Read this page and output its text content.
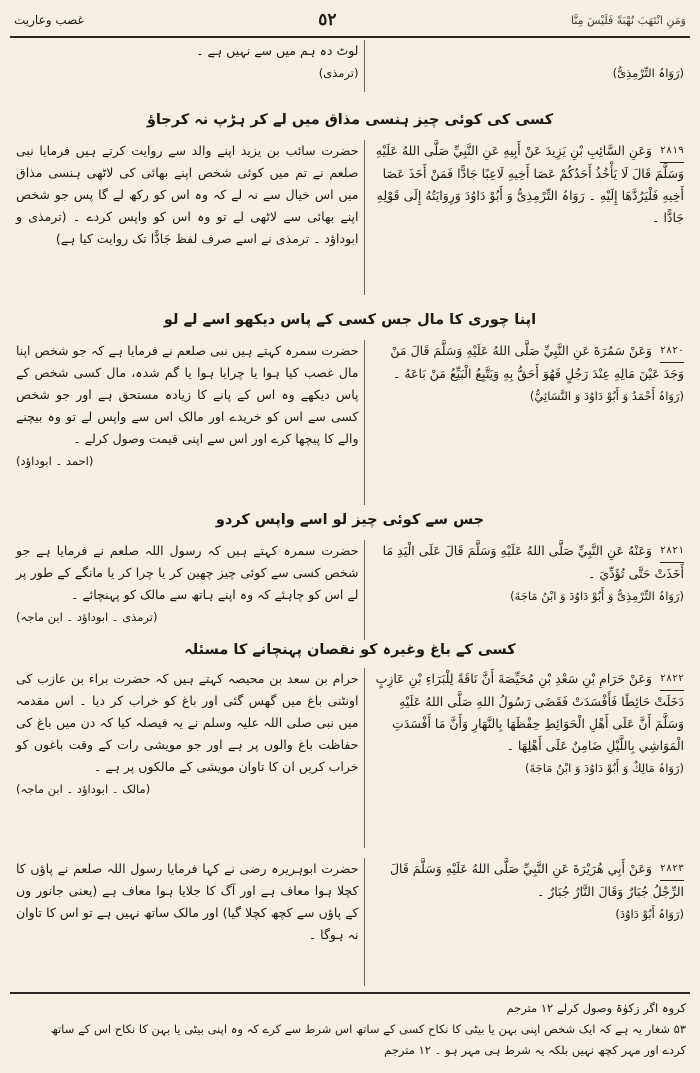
وَمَنِ انْتَهَبَ نُهْبَةً فَلَيْسَ مِنَّا
٥٢
غصب وعاریت
لوٹ دہ ہم میں سے نہیں ہے ۔
(ترمذی)	(رَوَاہُ التِّرْمِذِیُّ)
کسی کی کوئی چیز ہنسی مذاق میں لے کر ہڑپ نہ کرجاؤ
حضرت سائب بن یزید اپنے والد سے روایت کرتے ہیں فرمایا نبی صلعم نے تم میں کوئی شخص اپنے بھائی کی لاٹھی ہنسی مذاق میں اس خیال سے نہ لے کہ وہ اس کو رکھ لے گا پس جو شخص اپنے بھائی سے لاٹھی لے تو وہ اس کو واپس کردے ۔ (ترمذی و ابوداؤد ۔ ترمذی نے اسے صرف لفظ جَادًّا تک روایت کیا ہے)
۲۸۱۹ وَعَنِ السَّائِبِ بْنِ يَزِيدَ عَنْ أَبِيهِ عَنِ النَّبِيِّ صَلَّى اللهُ عَلَيْهِ وَسَلَّمَ قَالَ لَا يَأْخُذُ أَحَدُكُمْ عَصَا أَخِيهِ لَاعِبًا جَادًّا فَمَنْ أَخَذَ عَصَا أَخِيهِ فَلْيَرُدَّهَا إِلَيْهِ ۔ رَوَاہُ التِّرْمِذِیُّ وَ أَبُوْ دَاوُدَ وَرِوَايَتُهُ إِلَى قَوْلِهِ جَادًّا ۔
اپنا چوری کا مال جس کسی کے پاس دیکھو اسے لے لو
حضرت سمرہ کہتے ہیں نبی صلعم نے فرمایا ہے کہ جو شخص اپنا مال غصب کیا ہوا یا چرایا ہوا یا گم شدہ، مال کسی شخص کے پاس دیکھے وہ اس کے پانے کا زیادہ مستحق ہے اور جو شخص کسی سے اس کو خریدے اور مالک اس سے واپس لے تو وہ بیچنے والے کا پیچھا کرے اور اس سے اپنی قیمت وصول کرلے ۔
(احمد ۔ ابوداؤد)
۲۸۲۰ وَعَنْ سَمُرَةَ عَنِ النَّبِيِّ صَلَّى اللهُ عَلَيْهِ وَسَلَّمَ قَالَ مَنْ وَجَدَ عَيْنَ مَالِهِ عِنْدَ رَجُلٍ فَهُوَ أَحَقُّ بِهِ وَيَتَّبِعُ الْبَيِّعُ مَنْ بَاعَهُ ۔
(رَوَاہُ أَحْمَدُ وَ أَبُوْ دَاوُدَ وَ النَّسَائِيُّ)
جس سے کوئی چیز لو اسے واپس کردو
حضرت سمرہ کہتے ہیں کہ رسول اللہ صلعم نے فرمایا ہے جو شخص کسی سے کوئی چیز چھین کر یا چرا کر یا مانگے کے طور پر لے اس کو چاہئے کہ وہ اپنے ہاتھ سے مالک کو پہنچائے ۔
(ترمذی ۔ ابوداؤد ۔ ابن ماجہ)
۲۸۲۱ وَعَنْهُ عَنِ النَّبِيِّ صَلَّى اللهُ عَلَيْهِ وَسَلَّمَ قَالَ عَلَى الْيَدِ مَا أَخَذَتْ حَتَّى تُؤَدِّيَ ۔
(رَوَاہُ التِّرْمِذِیُّ وَ أَبُوْ دَاوُدَ وَ ابْنُ مَاجَةَ)
کسی کے باغ وغیرہ کو نقصان پہنچانے کا مسئلہ
حرام بن سعد بن محیصہ کہتے ہیں کہ حضرت براء بن عازب کی اونٹنی باغ میں گھس گئی اور باغ کو خراب کر دیا ۔ اس مقدمہ میں نبی صلی اللہ علیہ وسلم نے یہ فیصلہ کیا کہ دن میں باغ کی حفاظت باغ والوں پر ہے اور جو مویشی رات کے وقت باغوں کو خراب کریں ان کا تاوان مویشی کے مالکوں پر ہے ۔
(مالک ۔ ابوداؤد ۔ ابن ماجہ)
۲۸۲۲ وَعَنْ حَرَامِ بْنِ سَعْدِ بْنِ مُحَيِّصَةَ أَنَّ نَاقَةً لِلْبَرَاءِ بْنِ عَازِبٍ دَخَلَتْ حَائِطًا فَأَفْسَدَتْ فَقَضَى رَسُولُ اللهِ صَلَّى اللهُ عَلَيْهِ وَسَلَّمَ أَنَّ عَلَى أَهْلِ الْحَوَائِطِ حِفْظَهَا بِالنَّهَارِ وَأَنَّ مَا أَفْسَدَتِ الْمَوَاشِي بِاللَّيْلِ ضَامِنٌ عَلَى أَهْلِهَا ۔
(رَوَاہُ مَالِكٌ وَ أَبُوْ دَاوُدَ وَ ابْنُ مَاجَةَ)
حضرت ابوہریرہ رضی نے کہا فرمایا رسول اللہ صلعم نے پاؤں کا کچلا ہوا معاف ہے اور آگ کا جلایا ہوا معاف ہے (یعنی جانور وں کے پاؤں سے کچھ کچلا گیا) اور مالک ساتھ نہیں ہے تو اس کا تاوان نہ ہوگا ۔
۲۸۲۳ وَعَنْ أَبِي هُرَيْرَةَ عَنِ النَّبِيِّ صَلَّى اللهُ عَلَيْهِ وَسَلَّمَ قَالَ الرِّجْلُ جُبَارٌ وَقَالَ النَّارُ جُبَارٌ ۔
(رَوَاہُ أَبُوْ دَاوُدَ)
کروہ اگر زکوٰۃ وصول کرلے ۱۲ مترجم
۵۳ شغار یہ ہے کہ ایک شخص اپنی بہن یا بیٹی کا نکاح کسی کے ساتھ اس شرط سے کرے کہ وہ اپنی بیٹی یا بہن کا نکاح اس کے ساتھ
کردے اور مہر کچھ نہیں بلکہ یہ شرط ہی مہر ہو ۔ ۱۲ مترجم
